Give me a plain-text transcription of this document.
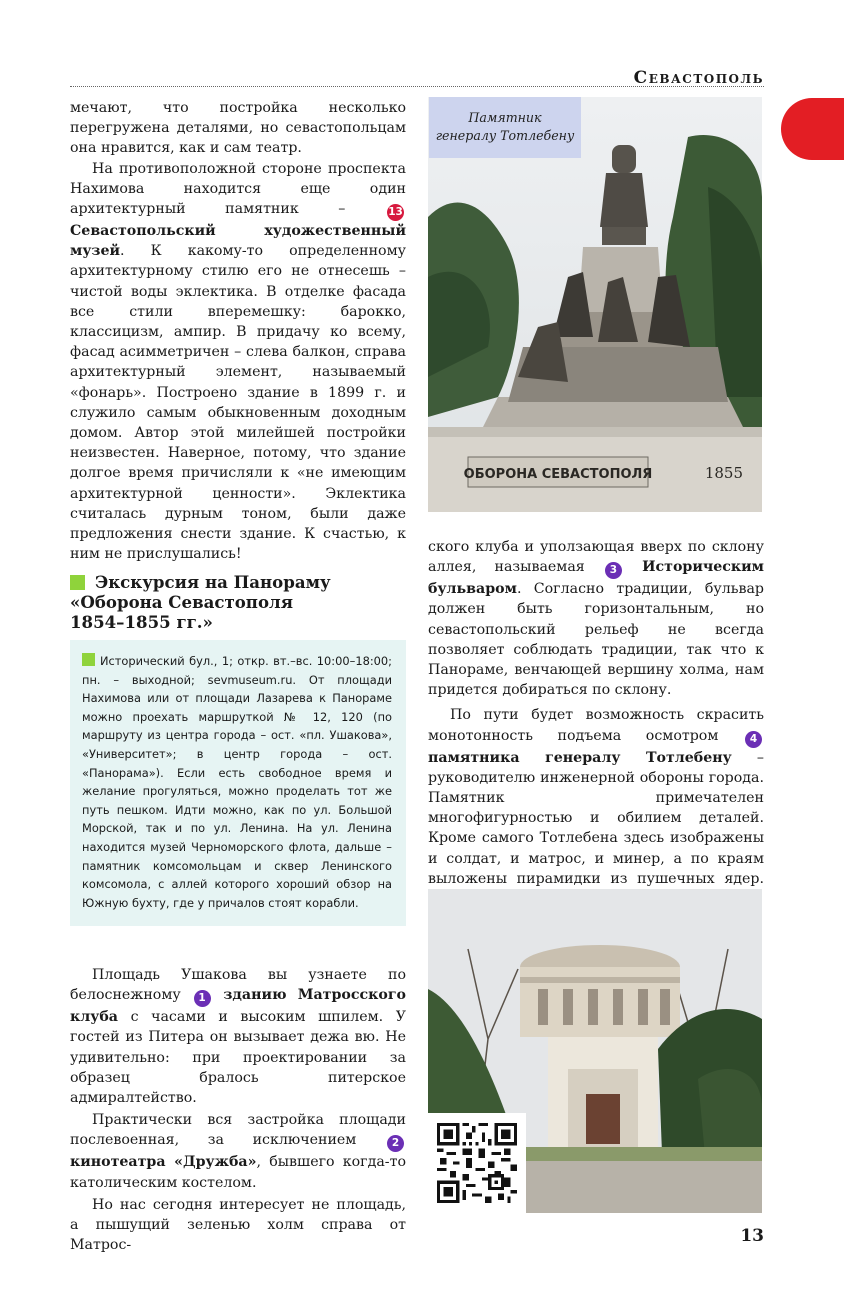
Севастополь

мечают, что постройка несколько перегружена деталями, но севастопольцам она нравится, как и сам театр.

На противоположной стороне проспекта Нахимова находится еще один архитектурный памятник – 13Севастопольский художественный музей. К какому-то определенному архитектурному стилю его не отнесешь – чистой воды эклектика. В отделке фасада все стили вперемешку: барокко, классицизм, ампир. В придачу ко всему, фасад асимметричен – слева балкон, справа архитектурный элемент, называемый «фонарь». Построено здание в 1899 г. и служило самым обыкновенным доходным домом. Автор этой милейшей постройки неизвестен. Наверное, потому, что здание долгое время причисляли к «не имеющим архитектурной ценности». Эклектика считалась дурным тоном, были даже предложения снести здание. К счастью, к ним не прислушались!

Экскурсия на Панораму
«Оборона Севастополя
1854–1855 гг.»
Исторический бул., 1; откр. вт.–вс. 10:00–18:00; пн. – выходной; sevmuseum.ru. От площади Нахимова или от площади Лазарева к Панораме можно проехать маршруткой № 12, 120 (по маршруту из центра города – ост. «пл. Ушакова», «Университет»; в центр города – ост. «Панорама»). Если есть свободное время и желание прогуляться, можно проделать тот же путь пешком. Идти можно, как по ул. Большой Морской, так и по ул. Ленина. На ул. Ленина находится музей Черноморского флота, дальше – памятник комсомольцам и сквер Ленинского комсомола, с аллей которого хороший обзор на Южную бухту, где у причалов стоят корабли.

Площадь Ушакова вы узнаете по белоснежному 1 зданию Матросского клуба с часами и высоким шпилем. У гостей из Питера он вызывает дежа вю. Не удивительно: при проектировании за образец бралось питерское адмиралтейство.

Практически вся застройка площади послевоенная, за исключением 2 кинотеатра «Дружба», бывшего когда-то католическим костелом.

Но нас сегодня интересует не площадь, а пышущий зеленью холм справа от Матрос-

ОБОРОНА СЕВАСТОПОЛЯ	1855
Памятник
генералу Тотлебену

ского клуба и уползающая вверх по склону аллея, называемая 3 Историческим бульваром. Согласно традиции, бульвар должен быть горизонтальным, но севастопольский рельеф не всегда позволяет соблюдать традиции, так что к Панораме, венчающей вершину холма, нам придется добираться по склону.

По пути будет возможность скрасить монотонность подъема осмотром 4 памятника генералу Тотлебену – руководителю инженерной обороны города. Памятник примечателен многофигурностью и обилием деталей. Кроме самого Тотлебена здесь изображены и солдат, и матрос, и минер, а по краям выложены пирамидки из пушечных ядер.

13
